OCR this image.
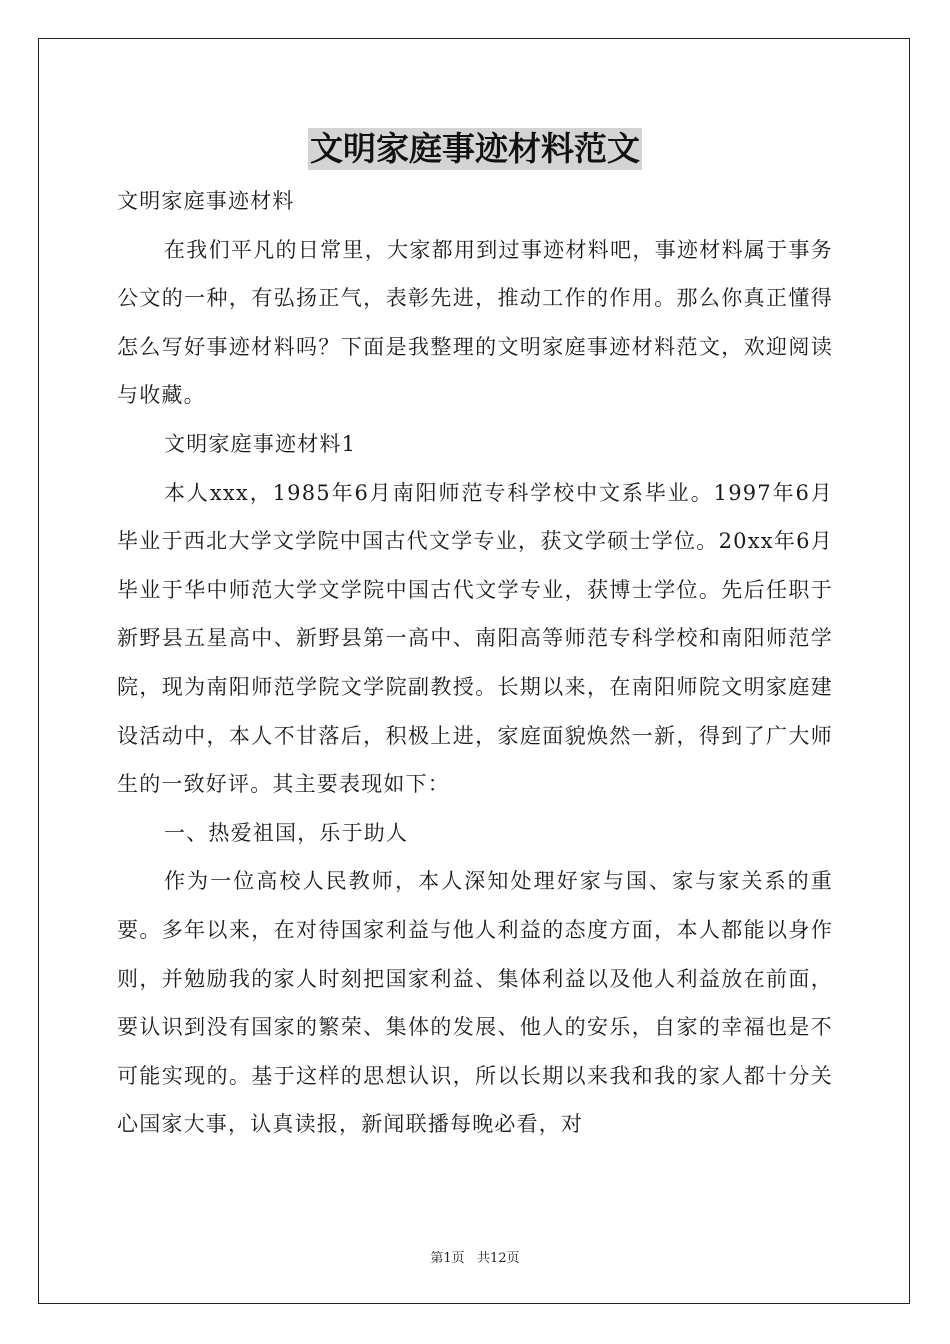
文明家庭事迹材料范文

文明家庭事迹材料

在我们平凡的日常里，大家都用到过事迹材料吧，事迹材料属于事务公文的一种，有弘扬正气，表彰先进，推动工作的作用。那么你真正懂得怎么写好事迹材料吗？下面是我整理的文明家庭事迹材料范文，欢迎阅读与收藏。

文明家庭事迹材料1

本人xxx，1985年6月南阳师范专科学校中文系毕业。1997年6月毕业于西北大学文学院中国古代文学专业，获文学硕士学位。20xx年6月毕业于华中师范大学文学院中国古代文学专业，获博士学位。先后任职于新野县五星高中、新野县第一高中、南阳高等师范专科学校和南阳师范学院，现为南阳师范学院文学院副教授。长期以来，在南阳师院文明家庭建设活动中，本人不甘落后，积极上进，家庭面貌焕然一新，得到了广大师生的一致好评。其主要表现如下：

一、热爱祖国，乐于助人

作为一位高校人民教师，本人深知处理好家与国、家与家关系的重要。多年以来，在对待国家利益与他人利益的态度方面，本人都能以身作则，并勉励我的家人时刻把国家利益、集体利益以及他人利益放在前面，要认识到没有国家的繁荣、集体的发展、他人的安乐，自家的幸福也是不可能实现的。基于这样的思想认识，所以长期以来我和我的家人都十分关心国家大事，认真读报，新闻联播每晚必看，对

第1页   共12页
